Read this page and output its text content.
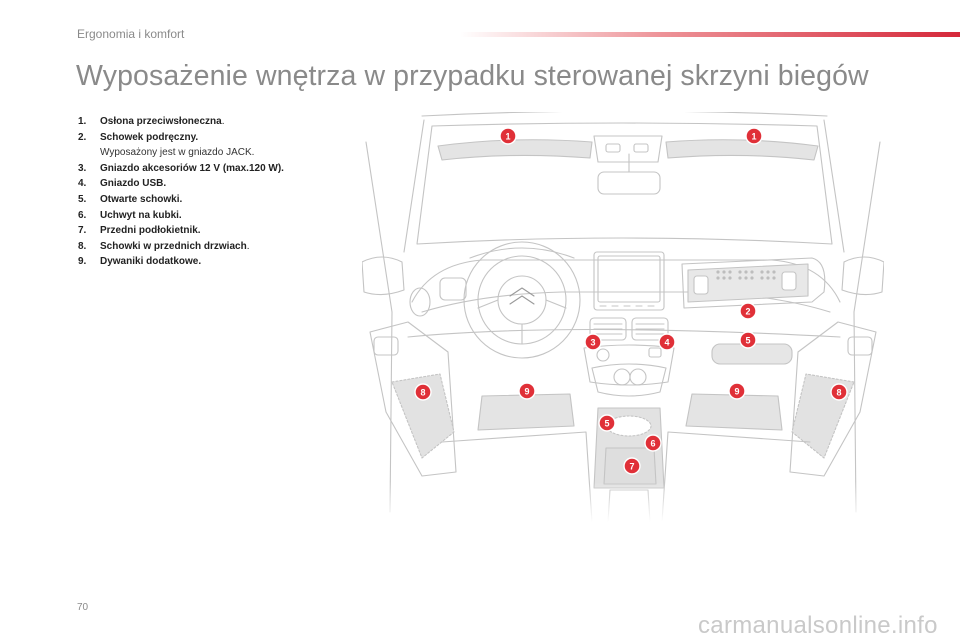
Ergonomia i komfort
Wyposażenie wnętrza w przypadku sterowanej skrzyni biegów
1.	Osłona przeciwsłoneczna.
2.	Schowek podręczny.
Wyposażony jest w gniazdo JACK.
3.	Gniazdo akcesoriów 12 V (max.120 W).
4.	Gniazdo USB.
5.	Otwarte schowki.
6.	Uchwyt na kubki.
7.	Przedni podłokietnik.
8.	Schowki w przednich drzwiach.
9.	Dywaniki dodatkowe.
1	1
2
3	4	5
5
6
7
8	8
9	9
70
carmanualsonline.info
